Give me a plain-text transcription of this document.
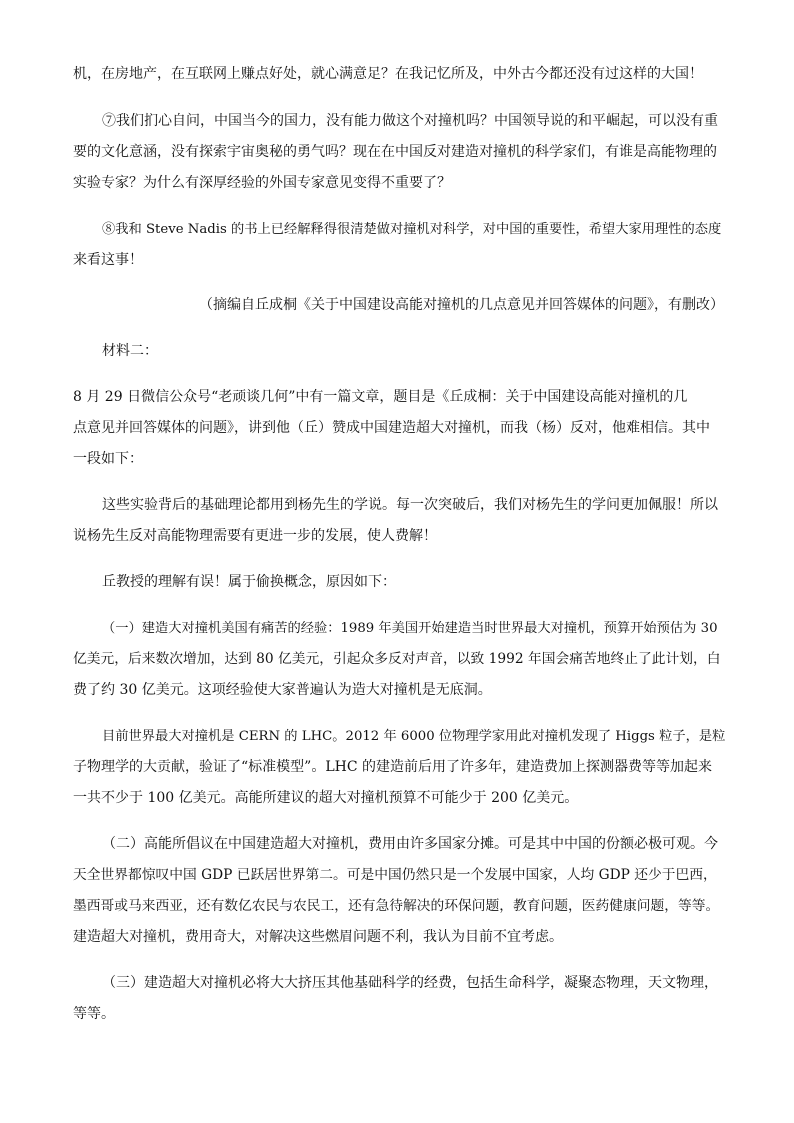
机，在房地产，在互联网上赚点好处，就心满意足？在我记忆所及，中外古今都还没有过这样的大国！
⑦我们扪心自问，中国当今的国力，没有能力做这个对撞机吗？中国领导说的和平崛起，可以没有重
要的文化意涵，没有探索宇宙奥秘的勇气吗？现在在中国反对建造对撞机的科学家们，有谁是高能物理的
实验专家？为什么有深厚经验的外国专家意见变得不重要了？
⑧我和 Steve Nadis 的书上已经解释得很清楚做对撞机对科学，对中国的重要性，希望大家用理性的态度
来看这事！
（摘编自丘成桐《关于中国建设高能对撞机的几点意见并回答媒体的问题》，有删改）
材料二：
8 月 29 日微信公众号“老顽谈几何”中有一篇文章，题目是《丘成桐：关于中国建设高能对撞机的几
点意见并回答媒体的问题》，讲到他（丘）赞成中国建造超大对撞机，而我（杨）反对，他难相信。其中
一段如下：
这些实验背后的基础理论都用到杨先生的学说。每一次突破后，我们对杨先生的学问更加佩服！所以
说杨先生反对高能物理需要有更进一步的发展，使人费解！
丘教授的理解有误！属于偷换概念，原因如下：
（一）建造大对撞机美国有痛苦的经验：1989 年美国开始建造当时世界最大对撞机，预算开始预估为 30
亿美元，后来数次增加，达到 80 亿美元，引起众多反对声音，以致 1992 年国会痛苦地终止了此计划，白
费了约 30 亿美元。这项经验使大家普遍认为造大对撞机是无底洞。
目前世界最大对撞机是 CERN 的 LHC。2012 年 6000 位物理学家用此对撞机发现了 Higgs 粒子，是粒
子物理学的大贡献，验证了“标准模型”。LHC 的建造前后用了许多年，建造费加上探测器费等等加起来
一共不少于 100 亿美元。高能所建议的超大对撞机预算不可能少于 200 亿美元。
（二）高能所倡议在中国建造超大对撞机，费用由许多国家分摊。可是其中中国的份额必极可观。今
天全世界都惊叹中国 GDP 已跃居世界第二。可是中国仍然只是一个发展中国家，人均 GDP 还少于巴西，
墨西哥或马来西亚，还有数亿农民与农民工，还有急待解决的环保问题，教育问题，医药健康问题，等等。
建造超大对撞机，费用奇大，对解决这些燃眉问题不利，我认为目前不宜考虑。
（三）建造超大对撞机必将大大挤压其他基础科学的经费，包括生命科学，凝聚态物理，天文物理，
等等。
